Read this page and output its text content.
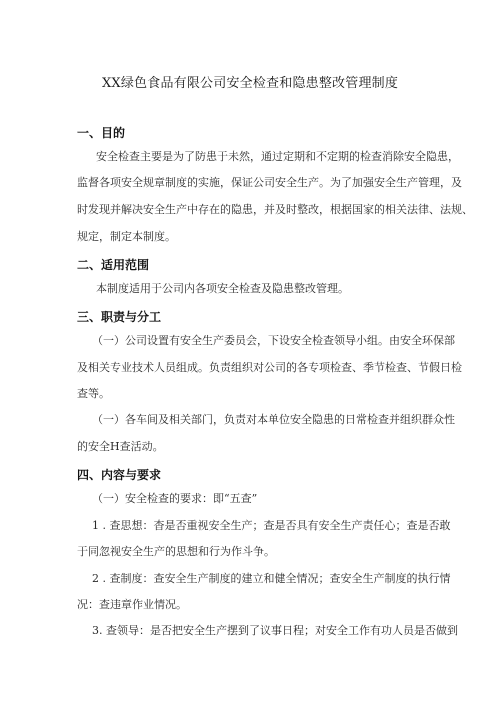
XX绿色食品有限公司安全检查和隐患整改管理制度
一、目的
安全检查主要是为了防患于未然，通过定期和不定期的检查消除安全隐患，
监督各项安全规章制度的实施，保证公司安全生产。为了加强安全生产管理，及
时发现并解决安全生产中存在的隐患，并及时整改，根据国家的相关法律、法规、
规定，制定本制度。
二、适用范围
本制度适用于公司内各项安全检查及隐患整改管理。
三、职责与分工
（一）公司设置有安全生产委员会，下设安全检查领导小组。由安全环保部
及相关专业技术人员组成。负责组织对公司的各专项检查、季节检查、节假日检
查等。
（一）各车间及相关部门，负责对本单位安全隐患的日常检查并组织群众性
的安全H查活动。
四、内容与要求
（一）安全检查的要求：即“五查”
1 . 查思想：杳是否重视安全生产；查是否具有安全生产责任心；查是否敢
于同忽视安全生产的思想和行为作斗争。
2 . 查制度：查安全生产制度的建立和健全情况；查安全生产制度的执行情
况：查违章作业情况。
3. 查领导：是否把安全生产摆到了议事日程；对安全工作有功人员是否做到
